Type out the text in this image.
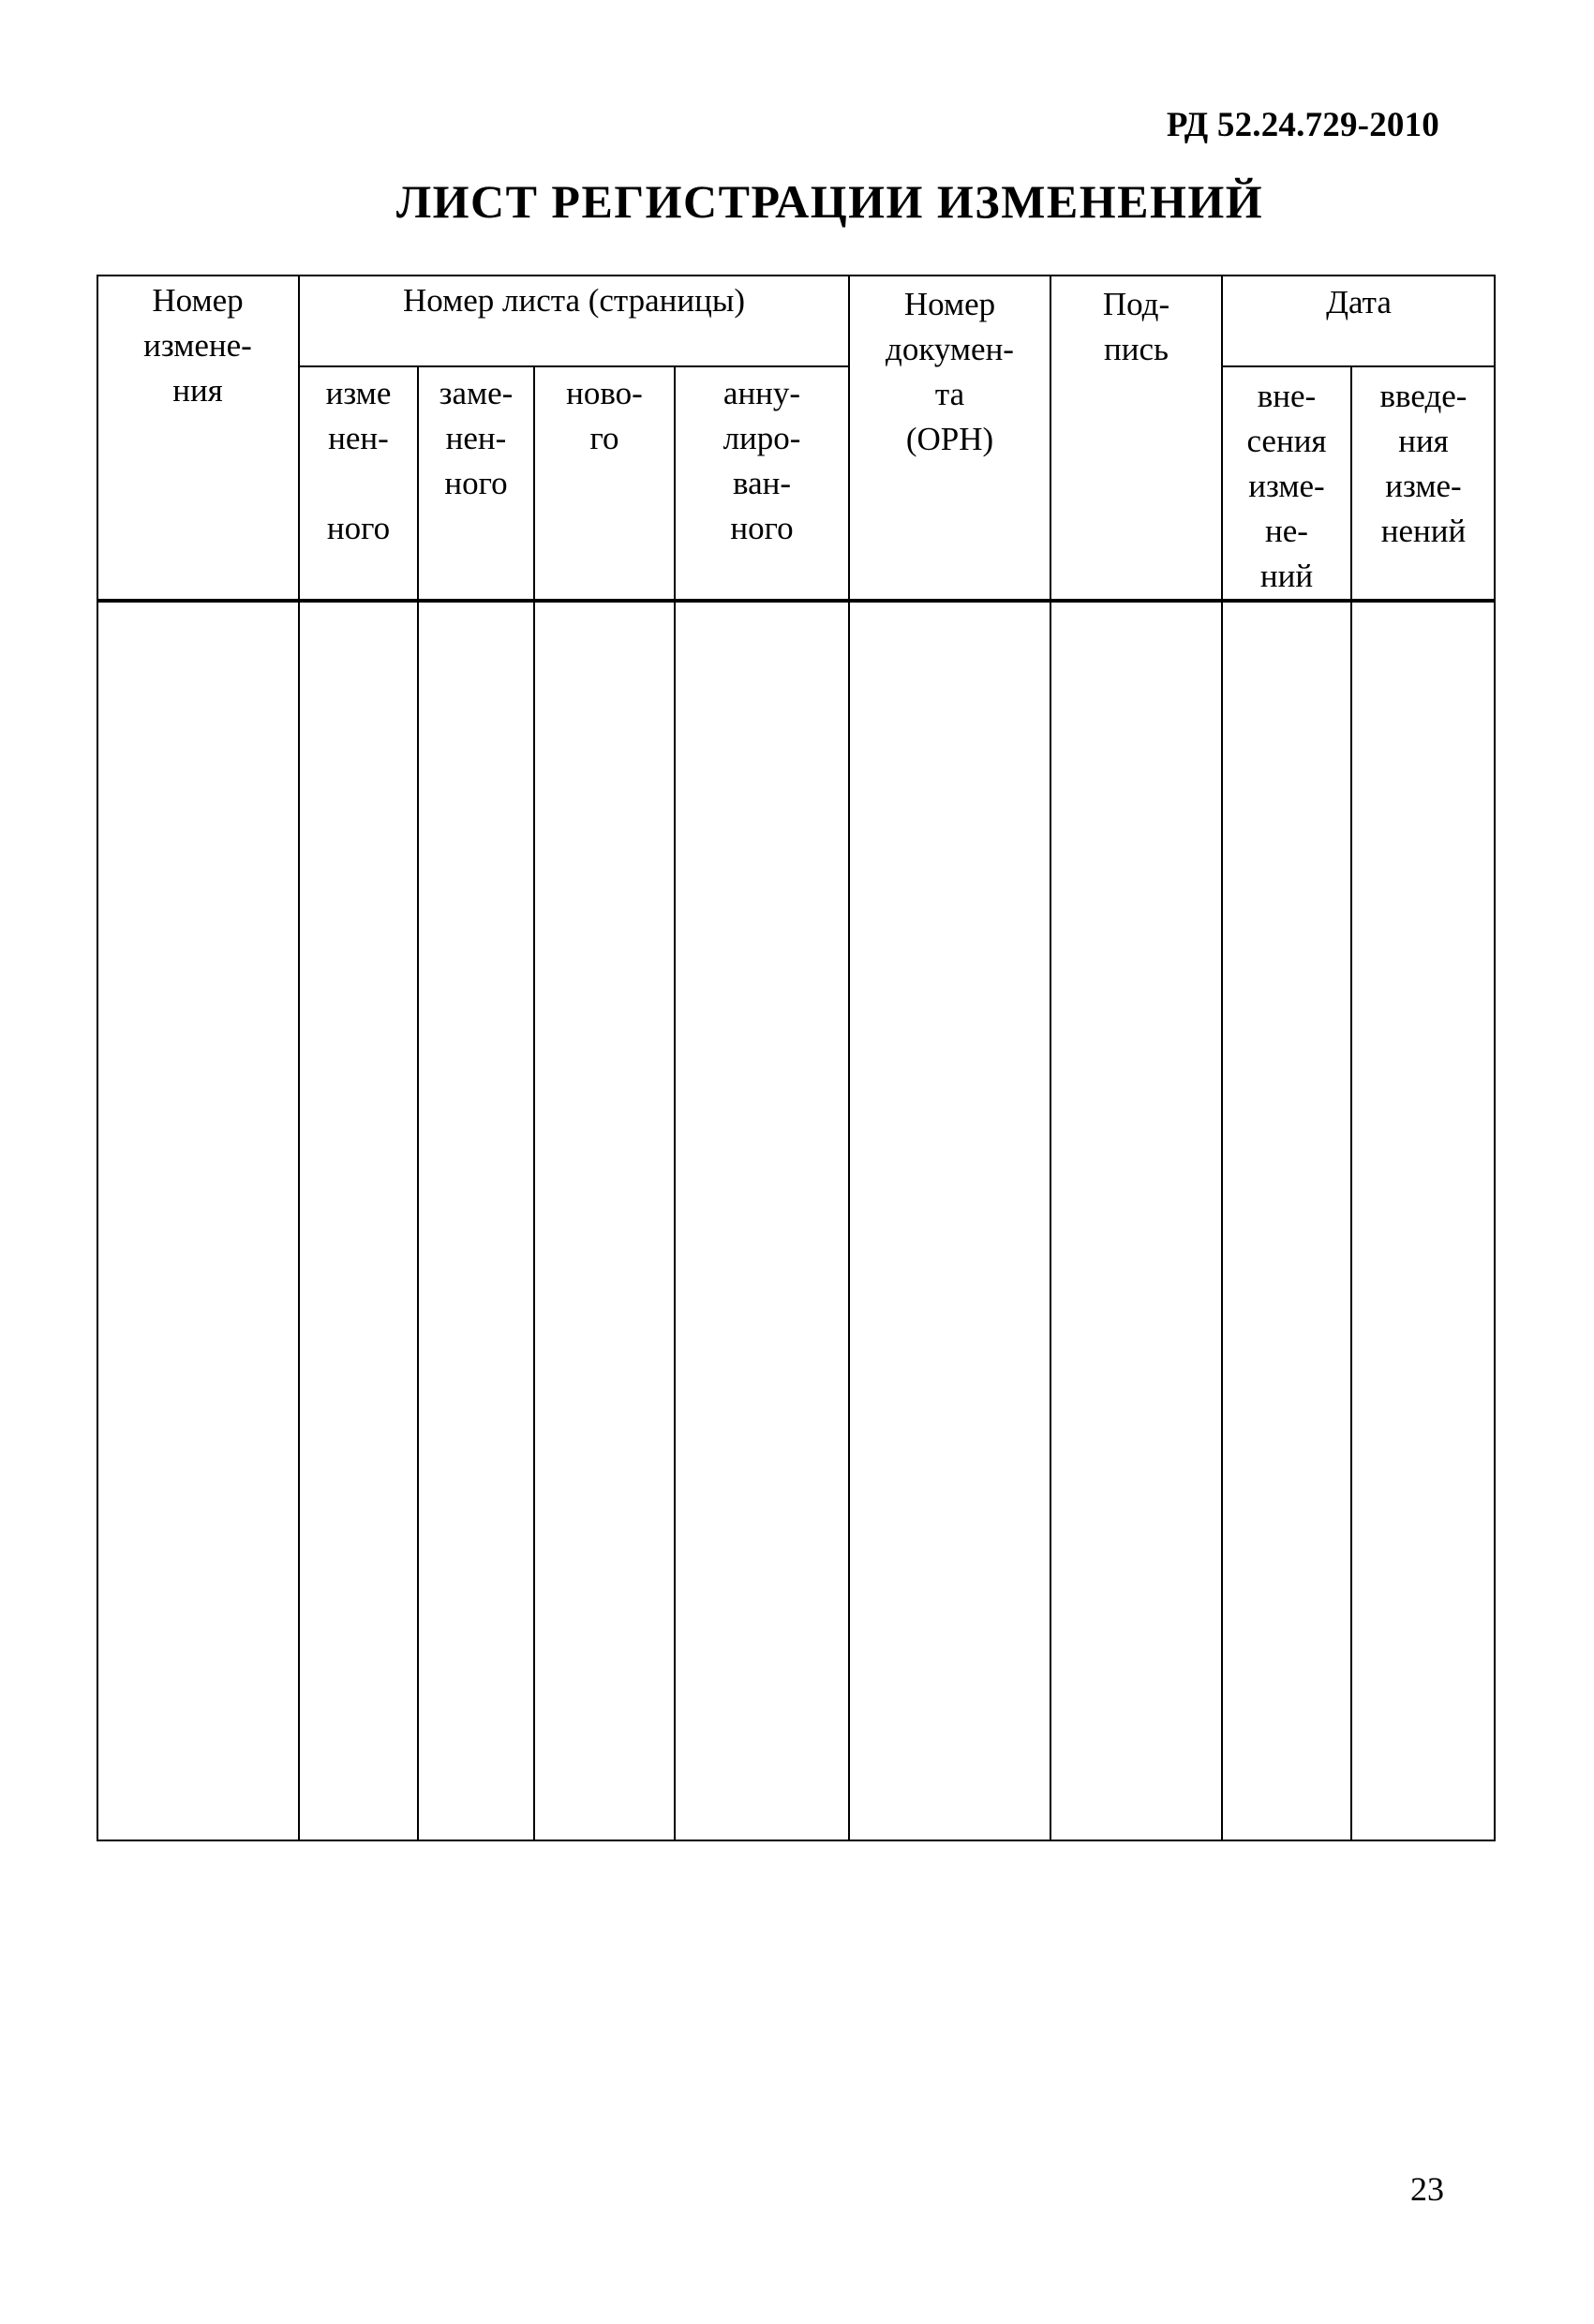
РД 52.24.729-2010
ЛИСТ РЕГИСТРАЦИИ ИЗМЕНЕНИЙ
Номер
измене-
ния
Номер листа (страницы)	Номер
докумен-
та
(ОРН)
Под-
пись
Дата
изме
нен-

ного
заме-
нен-
ного
ново-
го
анну-
лиро-
ван-
ного
вне-
сения
изме-
не-
ний
введе-
ния
изме-
нений
23
